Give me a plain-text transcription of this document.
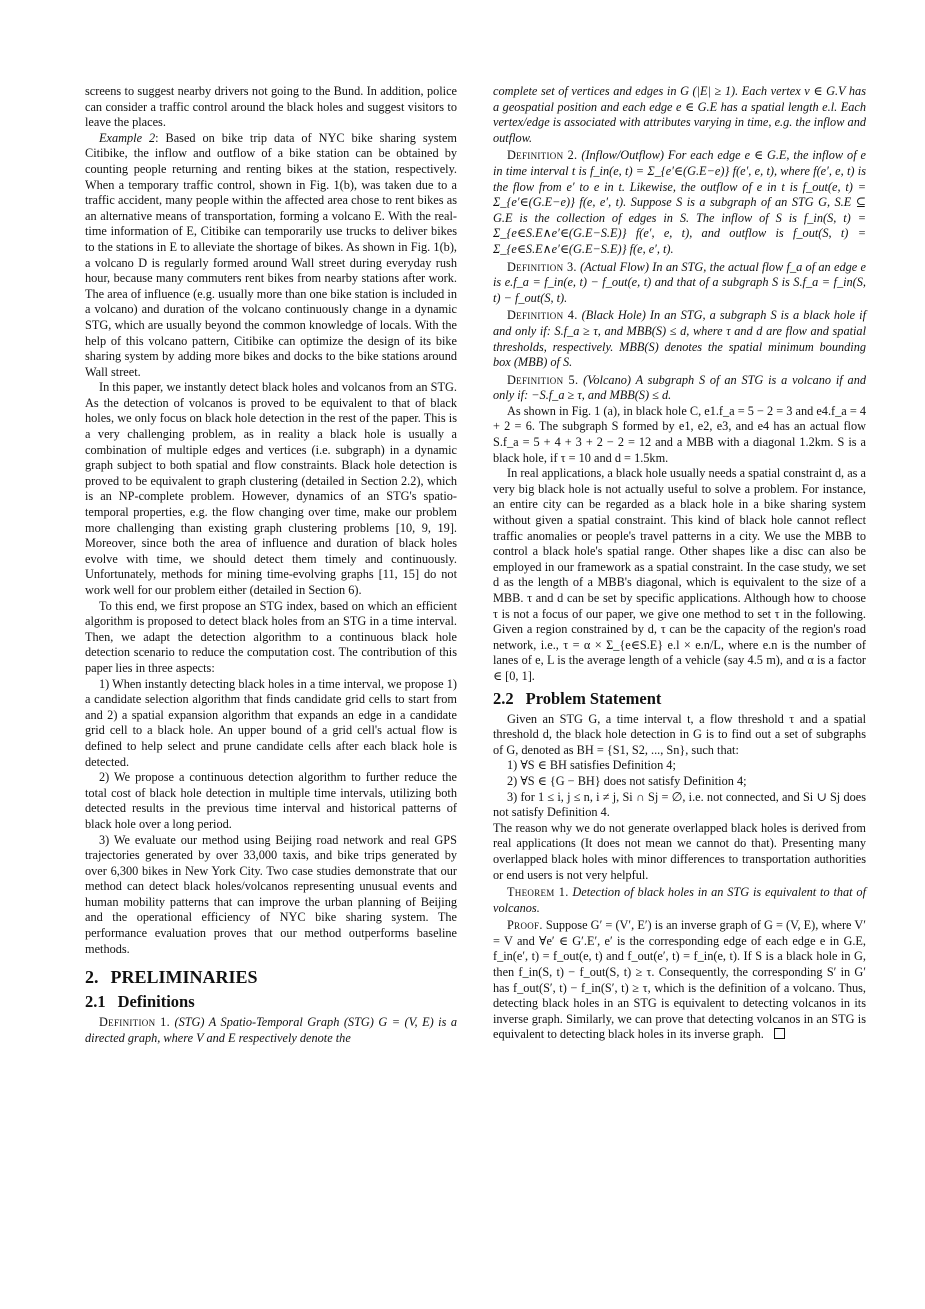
screens to suggest nearby drivers not going to the Bund. In addition, police can consider a traffic control around the black holes and suggest visitors to leave the places.

Example 2: Based on bike trip data of NYC bike sharing system Citibike, the inflow and outflow of a bike station can be obtained by counting people returning and renting bikes at the station, respectively. When a temporary traffic control, shown in Fig. 1(b), was taken due to a traffic accident, many people within the affected area chose to rent bikes as an alternative means of transportation, forming a volcano E. With the real-time information of E, Citibike can temporarily use trucks to deliver bikes to the stations in E to alleviate the shortage of bikes. As shown in Fig. 1(b), a volcano D is regularly formed around Wall street during everyday rush hour, because many commuters rent bikes from nearby stations after work. The area of influence (e.g. usually more than one bike station is included in a volcano) and duration of the volcano continuously change in a dynamic STG, which are usually beyond the common knowledge of locals. With the help of this volcano pattern, Citibike can optimize the design of its bike sharing system by adding more bikes and docks to the bike stations around Wall street.

In this paper, we instantly detect black holes and volcanos from an STG. As the detection of volcanos is proved to be equivalent to that of black holes, we only focus on black hole detection in the rest of the paper. This is a very challenging problem, as in reality a black hole is usually a combination of multiple edges and vertices (i.e. subgraph) in a dynamic graph subject to both spatial and flow constraints. Black hole detection is proved to be equivalent to graph clustering (detailed in Section 2.2), which is an NP-complete problem. However, dynamics of an STG's spatio-temporal properties, e.g. the flow changing over time, make our problem more challenging than existing graph clustering problems [10, 9, 19]. Moreover, since both the area of influence and duration of black holes evolve with time, we should detect them timely and continuously. Unfortunately, methods for mining time-evolving graphs [11, 15] do not work well for our problem either (detailed in Section 6).

To this end, we first propose an STG index, based on which an efficient algorithm is proposed to detect black holes from an STG in a time interval. Then, we adapt the detection algorithm to a continuous black hole detection scenario to reduce the computation cost. The contribution of this paper lies in three aspects:

1) When instantly detecting black holes in a time interval, we propose 1) a candidate selection algorithm that finds candidate grid cells to start from and 2) a spatial expansion algorithm that expands an edge in a candidate grid cell to a black hole. An upper bound of a grid cell's actual flow is defined to help select and prune candidate cells after each black hole is detected.

2) We propose a continuous detection algorithm to further reduce the total cost of black hole detection in multiple time intervals, utilizing both detected results in the previous time interval and historical patterns of black hole over a long period.

3) We evaluate our method using Beijing road network and real GPS trajectories generated by over 33,000 taxis, and bike trips generated by over 6,300 bikes in New York City. Two case studies demonstrate that our method can detect black holes/volcanos representing unusual events and human mobility patterns that can improve the urban planning of Beijing and the operational efficiency of NYC bike sharing system. The performance evaluation proves that our method outperforms baseline methods.

2. PRELIMINARIES
2.1 Definitions

Definition 1. (STG) A Spatio-Temporal Graph (STG) G = (V, E) is a directed graph, where V and E respectively denote the

complete set of vertices and edges in G (|E| ≥ 1). Each vertex v ∈ G.V has a geospatial position and each edge e ∈ G.E has a spatial length e.l. Each vertex/edge is associated with attributes varying in time, e.g. the inflow and outflow.

Definition 2. (Inflow/Outflow) For each edge e ∈ G.E, the inflow of e in time interval t is f_in(e, t) = Σ_{e′∈(G.E−e)} f(e′, e, t), where f(e′, e, t) is the flow from e′ to e in t. Likewise, the outflow of e in t is f_out(e, t) = Σ_{e′∈(G.E−e)} f(e, e′, t). Suppose S is a subgraph of an STG G, S.E ⊆ G.E is the collection of edges in S. The inflow of S is f_in(S, t) = Σ_{e∈S.E∧e′∈(G.E−S.E)} f(e′, e, t), and outflow is f_out(S, t) = Σ_{e∈S.E∧e′∈(G.E−S.E)} f(e, e′, t).

Definition 3. (Actual Flow) In an STG, the actual flow f_a of an edge e is e.f_a = f_in(e, t) − f_out(e, t) and that of a subgraph S is S.f_a = f_in(S, t) − f_out(S, t).

Definition 4. (Black Hole) In an STG, a subgraph S is a black hole if and only if: S.f_a ≥ τ, and MBB(S) ≤ d, where τ and d are flow and spatial thresholds, respectively. MBB(S) denotes the spatial minimum bounding box (MBB) of S.

Definition 5. (Volcano) A subgraph S of an STG is a volcano if and only if: −S.f_a ≥ τ, and MBB(S) ≤ d.

As shown in Fig. 1 (a), in black hole C, e1.f_a = 5 − 2 = 3 and e4.f_a = 4 + 2 = 6. The subgraph S formed by e1, e2, e3, and e4 has an actual flow S.f_a = 5 + 4 + 3 + 2 − 2 = 12 and a MBB with a diagonal 1.2km. S is a black hole, if τ = 10 and d = 1.5km.

In real applications, a black hole usually needs a spatial constraint d, as a very big black hole is not actually useful to solve a problem. For instance, an entire city can be regarded as a black hole in a bike sharing system without given a spatial constraint. This kind of black hole cannot reflect traffic anomalies or people's travel patterns in a city. We use the MBB to control a black hole's spatial range. Other shapes like a disc can also be employed in our framework as a spatial constraint. In the case study, we set d as the length of a MBB's diagonal, which is equivalent to the size of a MBB. τ and d can be set by specific applications. Although how to choose τ is not a focus of our paper, we give one method to set τ in the following. Given a region constrained by d, τ can be the capacity of the region's road network, i.e., τ = α × Σ_{e∈S.E} e.l × e.n/L, where e.n is the number of lanes of e, L is the average length of a vehicle (say 4.5 m), and α is a factor ∈ [0, 1].

2.2 Problem Statement

Given an STG G, a time interval t, a flow threshold τ and a spatial threshold d, the black hole detection in G is to find out a set of subgraphs of G, denoted as BH = {S1, S2, ..., Sn}, such that:

1) ∀S ∈ BH satisfies Definition 4;

2) ∀S ∈ {G − BH} does not satisfy Definition 4;

3) for 1 ≤ i, j ≤ n, i ≠ j, Si ∩ Sj = ∅, i.e. not connected, and Si ∪ Sj does not satisfy Definition 4.

The reason why we do not generate overlapped black holes is derived from real applications (It does not mean we cannot do that). Presenting many overlapped black holes with minor differences to transportation authorities or end users is not very helpful.

Theorem 1. Detection of black holes in an STG is equivalent to that of volcanos.

Proof. Suppose G′ = (V′, E′) is an inverse graph of G = (V, E), where V′ = V and ∀e′ ∈ G′.E′, e′ is the corresponding edge of each edge e in G.E, f_in(e′, t) = f_out(e, t) and f_out(e′, t) = f_in(e, t). If S is a black hole in G, then f_in(S, t) − f_out(S, t) ≥ τ. Consequently, the corresponding S′ in G′ has f_out(S′, t) − f_in(S′, t) ≥ τ, which is the definition of a volcano. Thus, detecting black holes in an STG is equivalent to detecting volcanos in its inverse graph. Similarly, we can prove that detecting volcanos in an STG is equivalent to detecting black holes in its inverse graph.
